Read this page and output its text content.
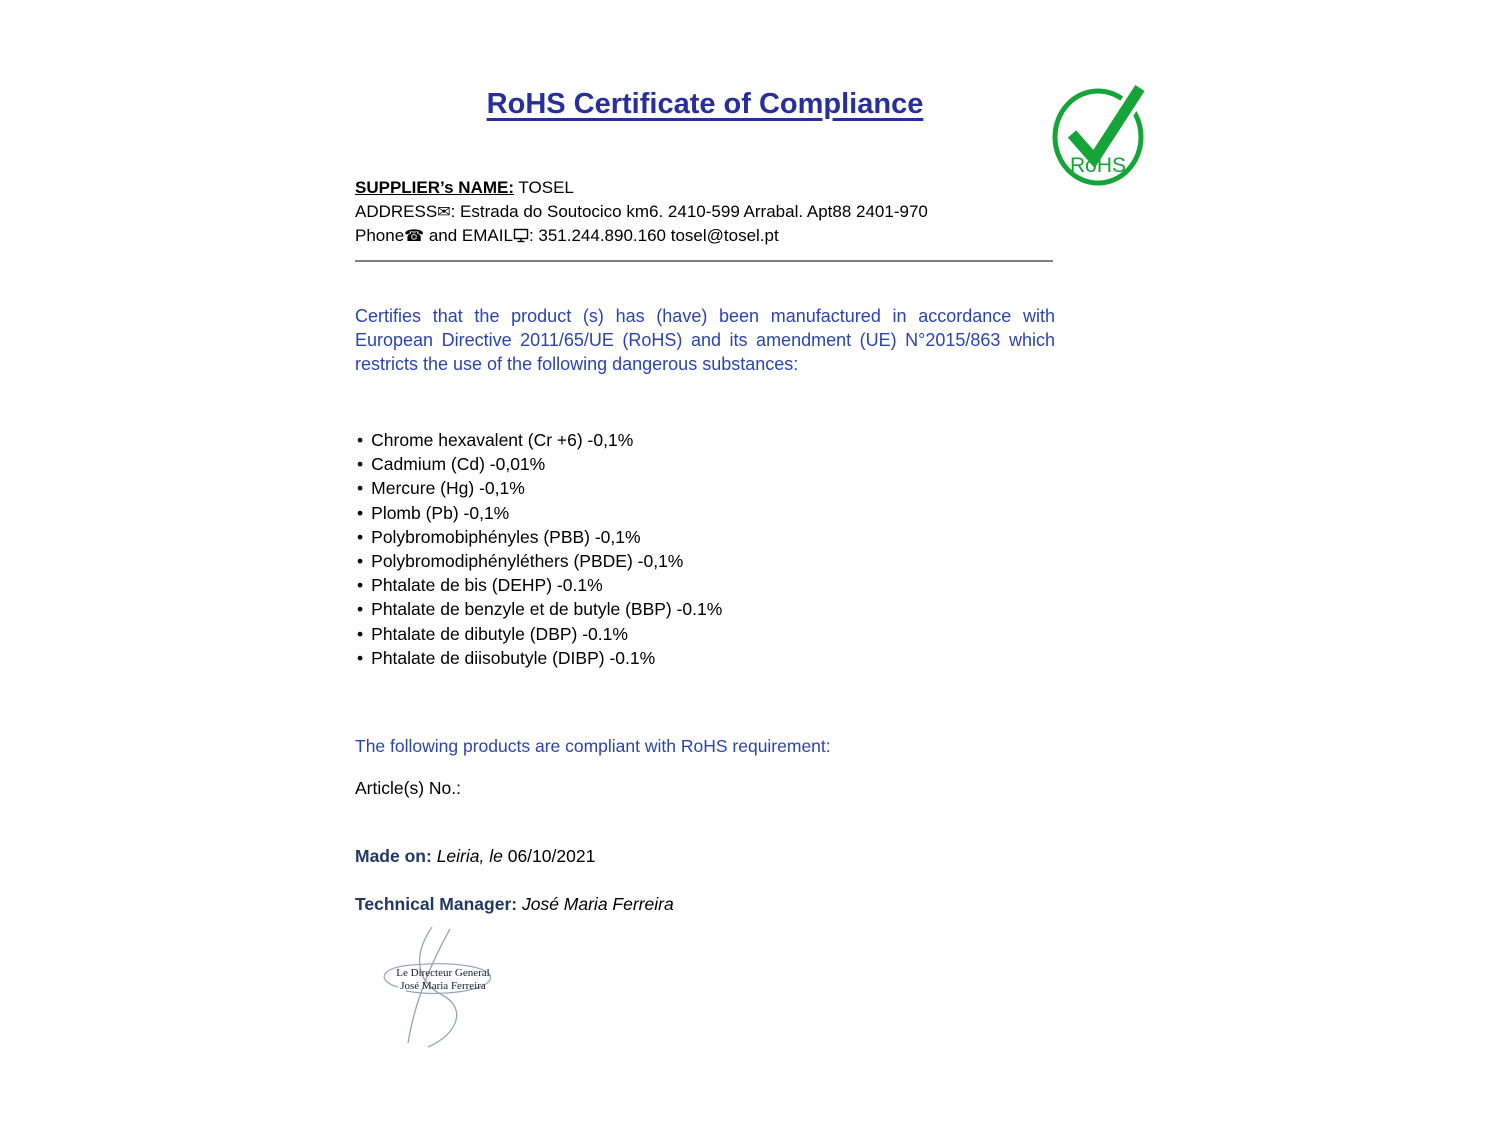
RoHS Certificate of Compliance
RoHS
SUPPLIER’s NAME: TOSEL
ADDRESS✉: Estrada do Soutocico km6. 2410-599 Arrabal. Apt88 2401-970
Phone☎ and EMAIL : 351.244.890.160 tosel@tosel.pt

Certifies that the product (s) has (have) been manufactured in accordance with European Directive 2011/65/UE (RoHS) and its amendment (UE) N°2015/863 which restricts the use of the following dangerous substances:

• Chrome hexavalent (Cr +6) -0,1%
• Cadmium (Cd) -0,01%
• Mercure (Hg) -0,1%
• Plomb (Pb) -0,1%
• Polybromobiphényles (PBB) -0,1%
• Polybromodiphényléthers (PBDE) -0,1%
• Phtalate de bis (DEHP) -0.1%
• Phtalate de benzyle et de butyle (BBP) -0.1%
• Phtalate de dibutyle (DBP) -0.1%
• Phtalate de diisobutyle (DIBP) -0.1%

The following products are compliant with RoHS requirement:

Article(s) No.:

Made on: Leiria, le 06/10/2021

Technical Manager: José Maria Ferreira

Le Directeur General
José Maria Ferreira
